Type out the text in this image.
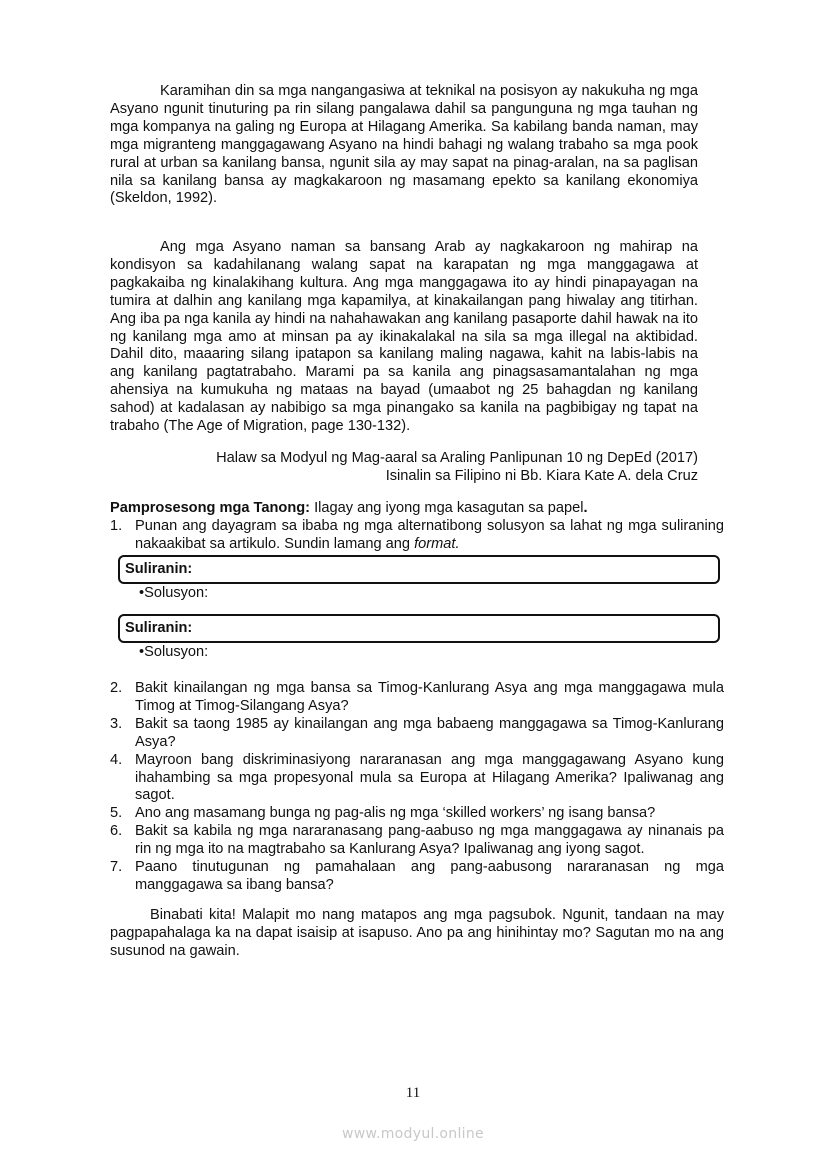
Karamihan din sa mga nangangasiwa at teknikal na posisyon ay nakukuha ng mga Asyano ngunit tinuturing pa rin silang pangalawa dahil sa pangunguna ng mga tauhan ng mga kompanya na galing ng Europa at Hilagang Amerika. Sa kabilang banda naman, may mga migranteng manggagawang Asyano na hindi bahagi ng walang trabaho sa mga pook rural at urban sa kanilang bansa, ngunit sila ay may sapat na pinag-aralan, na sa paglisan nila sa kanilang bansa ay magkakaroon ng masamang epekto sa kanilang ekonomiya (Skeldon, 1992).

Ang mga Asyano naman sa bansang Arab ay nagkakaroon ng mahirap na kondisyon sa kadahilanang walang sapat na karapatan ng mga manggagawa at pagkakaiba ng kinalakihang kultura. Ang mga manggagawa ito ay hindi pinapayagan na tumira at dalhin ang kanilang mga kapamilya, at kinakailangan pang hiwalay ang titirhan. Ang iba pa nga kanila ay hindi na nahahawakan ang kanilang pasaporte dahil hawak na ito ng kanilang mga amo at minsan pa ay ikinakalakal na sila sa mga illegal na aktibidad. Dahil dito, maaaring silang ipatapon sa kanilang maling nagawa, kahit na labis-labis na ang kanilang pagtatrabaho. Marami pa sa kanila ang pinagsasamantalahan ng mga ahensiya na kumukuha ng mataas na bayad (umaabot ng 25 bahagdan ng kanilang sahod) at kadalasan ay nabibigo sa mga pinangako sa kanila na pagbibigay ng tapat na trabaho (The Age of Migration, page 130-132).

Halaw sa Modyul ng Mag-aaral sa Araling Panlipunan 10 ng DepEd (2017)
Isinalin sa Filipino ni Bb. Kiara Kate A. dela Cruz
Pamprosesong mga Tanong: Ilagay ang iyong mga kasagutan sa papel.
1. Punan ang dayagram sa ibaba ng mga alternatibong solusyon sa lahat ng mga suliraning nakaakibat sa artikulo. Sundin lamang ang format.
Suliranin:
•Solusyon:
Suliranin:
•Solusyon:
2. Bakit kinailangan ng mga bansa sa Timog-Kanlurang Asya ang mga manggagawa mula Timog at Timog-Silangang Asya?
3. Bakit sa taong 1985 ay kinailangan ang mga babaeng manggagawa sa Timog-Kanlurang Asya?
4. Mayroon bang diskriminasiyong nararanasan ang mga manggagawang Asyano kung ihahambing sa mga propesyonal mula sa Europa at Hilagang Amerika? Ipaliwanag ang sagot.
5. Ano ang masamang bunga ng pag-alis ng mga ‘skilled workers’ ng isang bansa?
6. Bakit sa kabila ng mga nararanasang pang-aabuso ng mga manggagawa ay ninanais pa rin ng mga ito na magtrabaho sa Kanlurang Asya? Ipaliwanag ang iyong sagot.
7. Paano tinutugunan ng pamahalaan ang pang-aabusong nararanasan ng mga manggagawa sa ibang bansa?

Binabati kita! Malapit mo nang matapos ang mga pagsubok. Ngunit, tandaan na may pagpapahalaga ka na dapat isaisip at isapuso. Ano pa ang hinihintay mo? Sagutan mo na ang susunod na gawain.

11
www.modyul.online
